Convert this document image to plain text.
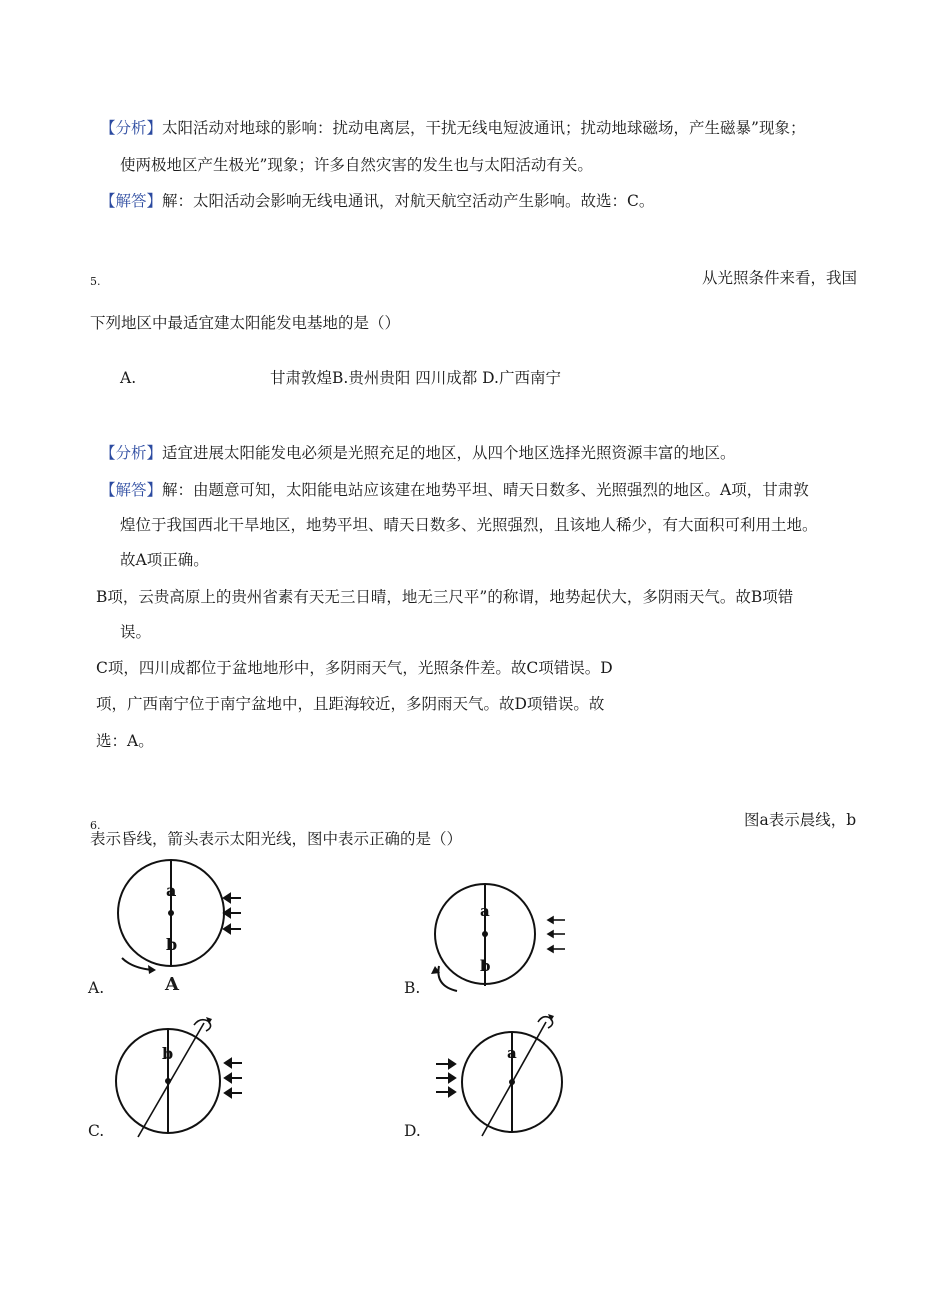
【分析】太阳活动对地球的影响：扰动电离层，干扰无线电短波通讯；扰动地球磁场，产生磁暴”现象；
使两极地区产生极光”现象；许多自然灾害的发生也与太阳活动有关。
【解答】解：太阳活动会影响无线电通讯，对航天航空活动产生影响。故选：C。
5.	从光照条件来看，我国
下列地区中最适宜建太阳能发电基地的是（）
A.	甘肃敦煌B.贵州贵阳 四川成都 D.广西南宁
【分析】适宜进展太阳能发电必须是光照充足的地区，从四个地区选择光照资源丰富的地区。
【解答】解：由题意可知，太阳能电站应该建在地势平坦、晴天日数多、光照强烈的地区。A项，甘肃敦
煌位于我国西北干旱地区，地势平坦、晴天日数多、光照强烈，且该地人稀少，有大面积可利用土地。
故A项正确。
B项，云贵高原上的贵州省素有天无三日晴，地无三尺平”的称谓，地势起伏大，多阴雨天气。故B项错
误。
C项，四川成都位于盆地地形中，多阴雨天气，光照条件差。故C项错误。D
项，广西南宁位于南宁盆地中，且距海较近，多阴雨天气。故D项错误。故
选：A。
6.	图a表示晨线，b
表示昏线，箭头表示太阳光线，图中表示正确的是（）
a
b
A.	A
a
b
B.
b
C.
a
D.
